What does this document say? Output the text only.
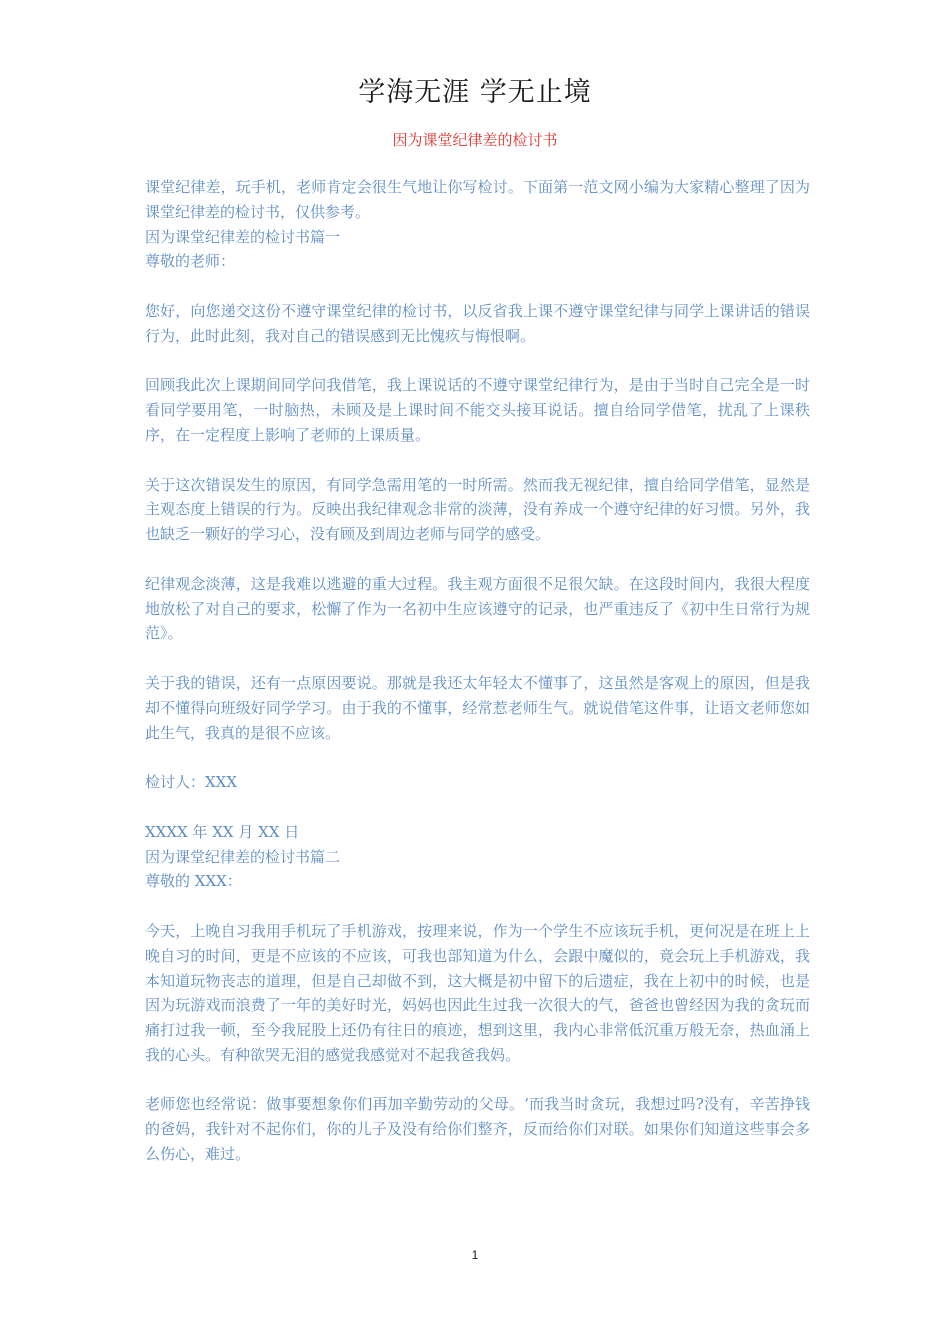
学海无涯 学无止境
因为课堂纪律差的检讨书

课堂纪律差，玩手机，老师肯定会很生气地让你写检讨。下面第一范文网小编为大家精心整理了因为课堂纪律差的检讨书，仅供参考。

因为课堂纪律差的检讨书篇一

尊敬的老师：

您好，向您递交这份不遵守课堂纪律的检讨书，以反省我上课不遵守课堂纪律与同学上课讲话的错误行为，此时此刻，我对自己的错误感到无比愧疚与悔恨啊。

回顾我此次上课期间同学问我借笔，我上课说话的不遵守课堂纪律行为，是由于当时自己完全是一时看同学要用笔，一时脑热，未顾及是上课时间不能交头接耳说话。擅自给同学借笔，扰乱了上课秩序，在一定程度上影响了老师的上课质量。

关于这次错误发生的原因，有同学急需用笔的一时所需。然而我无视纪律，擅自给同学借笔，显然是主观态度上错误的行为。反映出我纪律观念非常的淡薄，没有养成一个遵守纪律的好习惯。另外，我也缺乏一颗好的学习心，没有顾及到周边老师与同学的感受。

纪律观念淡薄，这是我难以逃避的重大过程。我主观方面很不足很欠缺。在这段时间内，我很大程度地放松了对自己的要求，松懈了作为一名初中生应该遵守的记录，也严重违反了《初中生日常行为规范》。

关于我的错误，还有一点原因要说。那就是我还太年轻太不懂事了，这虽然是客观上的原因，但是我却不懂得向班级好同学学习。由于我的不懂事，经常惹老师生气。就说借笔这件事，让语文老师您如此生气，我真的是很不应该。

检讨人：XXX

XXXX 年 XX 月 XX 日

因为课堂纪律差的检讨书篇二

尊敬的 XXX：

今天，上晚自习我用手机玩了手机游戏，按理来说，作为一个学生不应该玩手机，更何况是在班上上晚自习的时间，更是不应该的不应该，可我也部知道为什么，会跟中魔似的，竟会玩上手机游戏，我本知道玩物丧志的道理，但是自己却做不到，这大概是初中留下的后遗症，我在上初中的时候，也是因为玩游戏而浪费了一年的美好时光，妈妈也因此生过我一次很大的气，爸爸也曾经因为我的贪玩而痛打过我一顿，至今我屁股上还仍有往日的痕迹，想到这里，我内心非常低沉重万般无奈，热血涌上我的心头。有种欲哭无泪的感觉我感觉对不起我爸我妈。

老师您也经常说：做事要想象你们再加辛勤劳动的父母。‘而我当时贪玩，我想过吗?没有，辛苦挣钱的爸妈，我针对不起你们，你的儿子及没有给你们整齐，反而给你们对联。如果你们知道这些事会多么伤心，难过。

1
